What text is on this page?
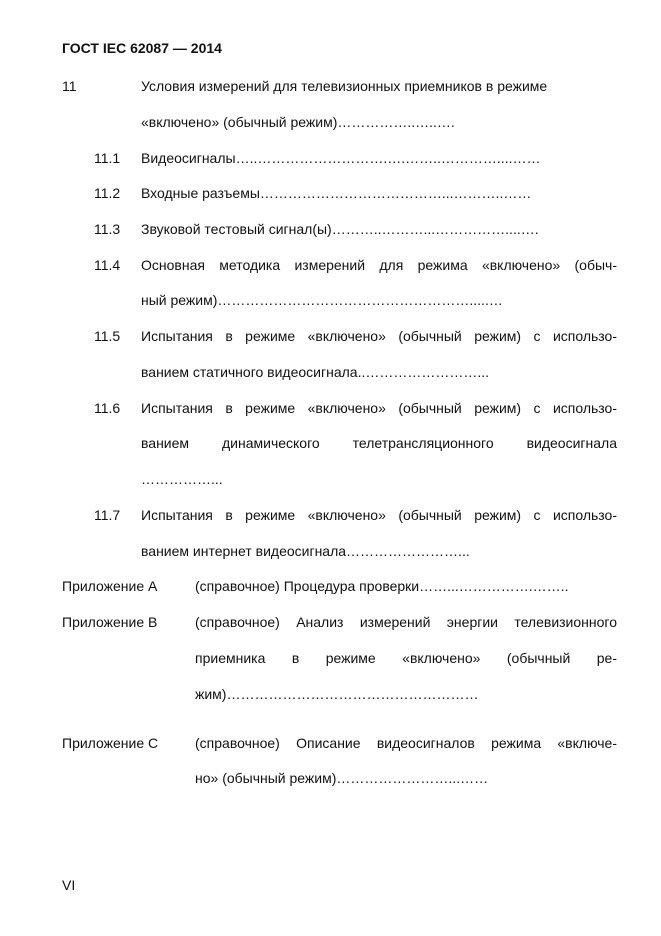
ГОСТ IEC 62087 — 2014
11	Условия измерений для телевизионных приемников в режиме
«включено» (обычный режим)……………..…..….
11.1 Видеосигналы…..……………………….….……..…………....……
11.2 Входные разъемы…………………………………...………..……
11.3 Звуковой тестовый сигнал(ы)………..………...……………....….
11.4 Основная методика измерений для режима «включено» (обыч-
ный режим)……………………………………………….....…
11.5 Испытания в режиме «включено» (обычный режим) с использо-
ванием статичного видеосигнала..……………………...
11.6 Испытания в режиме «включено» (обычный режим) с использо-
ванием динамического телетрансляционного видеосигнала
……………...
11.7 Испытания в режиме «включено» (обычный режим) с использо-
ванием интернет видеосигнала……………………...
Приложение А	(справочное) Процедура проверки……...…………….……..
Приложение В	(справочное) Анализ измерений энергии телевизионного
приемника в режиме «включено» (обычный ре-
жим)………………………………………………
Приложение С	(справочное) Описание видеосигналов режима «включе-
но» (обычный режим)……………………...……
VI
